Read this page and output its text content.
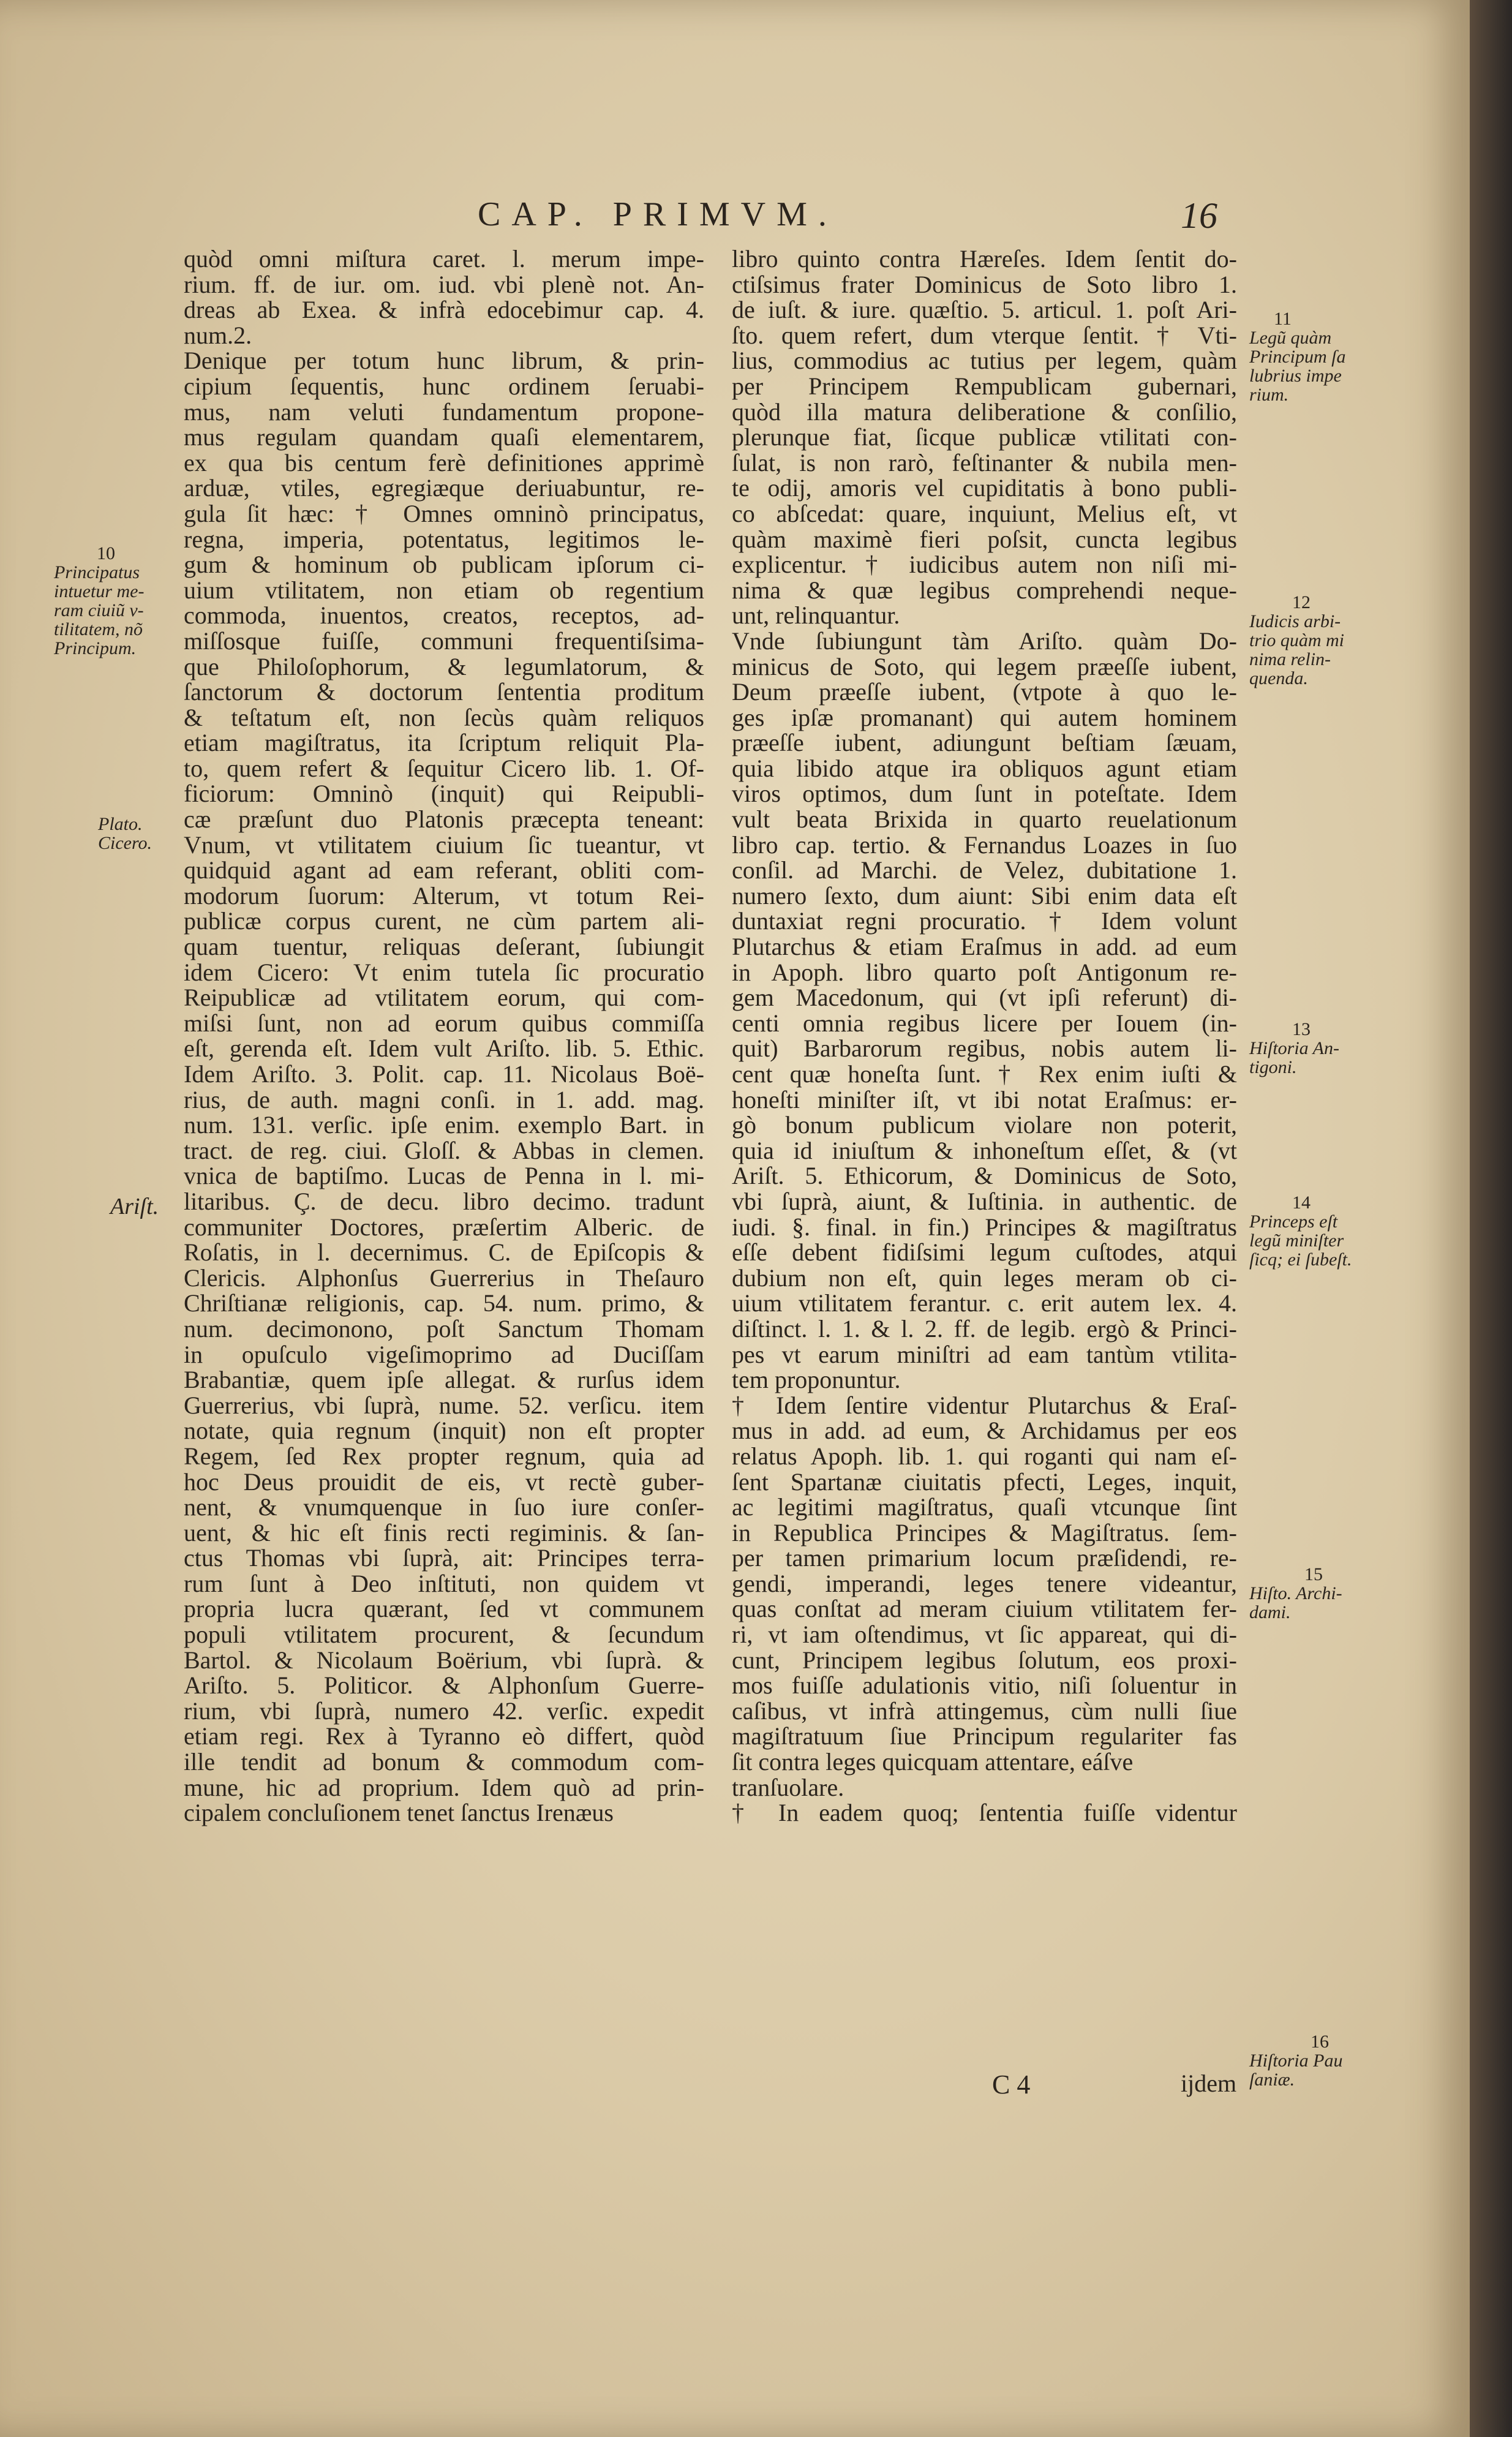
CAP. PRIMVM.	16
quòd omni miſtura caret. l. merum impe-
rium. ff. de iur. om. iud. vbi plenè not. An-
dreas ab Exea. & infrà edocebimur cap. 4.
num.2.
Denique per totum hunc librum, & prin-
cipium ſequentis, hunc ordinem ſeruabi-
mus, nam veluti fundamentum propone-
mus regulam quandam quaſi elementarem,
ex qua bis centum ferè definitiones apprimè
arduæ, vtiles, egregiæque deriuabuntur, re-
gula ſit hæc: † Omnes omninò principatus,
regna, imperia, potentatus, legitimos le-
gum & hominum ob publicam ipſorum ci-
uium vtilitatem, non etiam ob regentium
commoda, inuentos, creatos, receptos, ad-
miſſosque fuiſſe, communi frequentiſsima-
que Philoſophorum, & legumlatorum, &
ſanctorum & doctorum ſententia proditum
& teſtatum eſt, non ſecùs quàm reliquos
etiam magiſtratus, ita ſcriptum reliquit Pla-
to, quem refert & ſequitur Cicero lib. 1. Of-
ficiorum: Omninò (inquit) qui Reipubli-
cæ præſunt duo Platonis præcepta teneant:
Vnum, vt vtilitatem ciuium ſic tueantur, vt
quidquid agant ad eam referant, obliti com-
modorum ſuorum: Alterum, vt totum Rei-
publicæ corpus curent, ne cùm partem ali-
quam tuentur, reliquas deſerant, ſubiungit
idem Cicero: Vt enim tutela ſic procuratio
Reipublicæ ad vtilitatem eorum, qui com-
miſsi ſunt, non ad eorum quibus commiſſa
eſt, gerenda eſt. Idem vult Ariſto. lib. 5. Ethic.
Idem Ariſto. 3. Polit. cap. 11. Nicolaus Boë-
rius, de auth. magni conſi. in 1. add. mag.
num. 131. verſic. ipſe enim. exemplo Bart. in
tract. de reg. ciui. Gloſſ. & Abbas in clemen.
vnica de baptiſmo. Lucas de Penna in l. mi-
litaribus. Ç. de decu. libro decimo. tradunt
communiter Doctores, præſertim Alberic. de
Roſatis, in l. decernimus. C. de Epiſcopis &
Clericis. Alphonſus Guerrerius in Theſauro
Chriſtianæ religionis, cap. 54. num. primo, &
num. decimonono, poſt Sanctum Thomam
in opuſculo vigeſimoprimo ad Duciſſam
Brabantiæ, quem ipſe allegat. & rurſus idem
Guerrerius, vbi ſuprà, nume. 52. verſicu. item
notate, quia regnum (inquit) non eſt propter
Regem, ſed Rex propter regnum, quia ad
hoc Deus prouidit de eis, vt rectè guber-
nent, & vnumquenque in ſuo iure conſer-
uent, & hic eſt finis recti regiminis. & ſan-
ctus Thomas vbi ſuprà, ait: Principes terra-
rum ſunt à Deo inſtituti, non quidem vt
propria lucra quærant, ſed vt communem
populi vtilitatem procurent, & ſecundum
Bartol. & Nicolaum Boërium, vbi ſuprà. &
Ariſto. 5. Politicor. & Alphonſum Guerre-
rium, vbi ſuprà, numero 42. verſic. expedit
etiam regi. Rex à Tyranno eò differt, quòd
ille tendit ad bonum & commodum com-
mune, hic ad proprium. Idem quò ad prin-
cipalem concluſionem tenet ſanctus Irenæus
libro quinto contra Hæreſes. Idem ſentit do-
ctiſsimus frater Dominicus de Soto libro 1.
de iuſt. & iure. quæſtio. 5. articul. 1. poſt Ari-
ſto. quem refert, dum vterque ſentit. † Vti-
lius, commodius ac tutius per legem, quàm
per Principem Rempublicam gubernari,
quòd illa matura deliberatione & conſilio,
plerunque fiat, ſicque publicæ vtilitati con-
ſulat, is non rarò, feſtinanter & nubila men-
te odij, amoris vel cupiditatis à bono publi-
co abſcedat: quare, inquiunt, Melius eſt, vt
quàm maximè fieri poſsit, cuncta legibus
explicentur. † iudicibus autem non niſi mi-
nima & quæ legibus comprehendi neque-
unt, relinquantur.
Vnde ſubiungunt tàm Ariſto. quàm Do-
minicus de Soto, qui legem præeſſe iubent,
Deum præeſſe iubent, (vtpote à quo le-
ges ipſæ promanant) qui autem hominem
præeſſe iubent, adiungunt beſtiam ſæuam,
quia libido atque ira obliquos agunt etiam
viros optimos, dum ſunt in poteſtate. Idem
vult beata Brixida in quarto reuelationum
libro cap. tertio. & Fernandus Loazes in ſuo
conſil. ad Marchi. de Velez, dubitatione 1.
numero ſexto, dum aiunt: Sibi enim data eſt
duntaxiat regni procuratio. † Idem volunt
Plutarchus & etiam Eraſmus in add. ad eum
in Apoph. libro quarto poſt Antigonum re-
gem Macedonum, qui (vt ipſi referunt) di-
centi omnia regibus licere per Iouem (in-
quit) Barbarorum regibus, nobis autem li-
cent quæ honeſta ſunt. † Rex enim iuſti &
honeſti miniſter iſt, vt ibi notat Eraſmus: er-
gò bonum publicum violare non poterit,
quia id iniuſtum & inhoneſtum eſſet, & (vt
Ariſt. 5. Ethicorum, & Dominicus de Soto,
vbi ſuprà, aiunt, & Iuſtinia. in authentic. de
iudi. §. final. in fin.) Principes & magiſtratus
eſſe debent fidiſsimi legum cuſtodes, atqui
dubium non eſt, quin leges meram ob ci-
uium vtilitatem ferantur. c. erit autem lex. 4.
diſtinct. l. 1. & l. 2. ff. de legib. ergò & Princi-
pes vt earum miniſtri ad eam tantùm vtilita-
tem proponuntur.
† Idem ſentire videntur Plutarchus & Eraſ-
mus in add. ad eum, & Archidamus per eos
relatus Apoph. lib. 1. qui roganti qui nam eſ-
ſent Spartanæ ciuitatis pfecti, Leges, inquit,
ac legitimi magiſtratus, quaſi vtcunque ſint
in Republica Principes & Magiſtratus. ſem-
per tamen primarium locum præſidendi, re-
gendi, imperandi, leges tenere videantur,
quas conſtat ad meram ciuium vtilitatem fer-
ri, vt iam oſtendimus, vt ſic appareat, qui di-
cunt, Principem legibus ſolutum, eos proxi-
mos fuiſſe adulationis vitio, niſi ſoluentur in
caſibus, vt infrà attingemus, cùm nulli ſiue
magiſtratuum ſiue Principum regulariter fas
ſit contra leges quicquam attentare, eáſve
tranſuolare.
† In eadem quoq; ſententia fuiſſe videntur
10
Principatus
intuetur me-
ram ciuiũ v-
tilitatem, nõ
Principum.
Plato.
Cicero.
Ariſt.
11
Legũ quàm
Principum ſa
lubrius impe
rium.
12
Iudicis arbi-
trio quàm mi
nima relin-
quenda.
13
Hiſtoria An-
tigoni.
14
Princeps eſt
legũ miniſter
ſicq; ei ſubeſt.
15
Hiſto. Archi-
dami.
16
Hiſtoria Pau
ſaniæ.
C 4	ijdem
